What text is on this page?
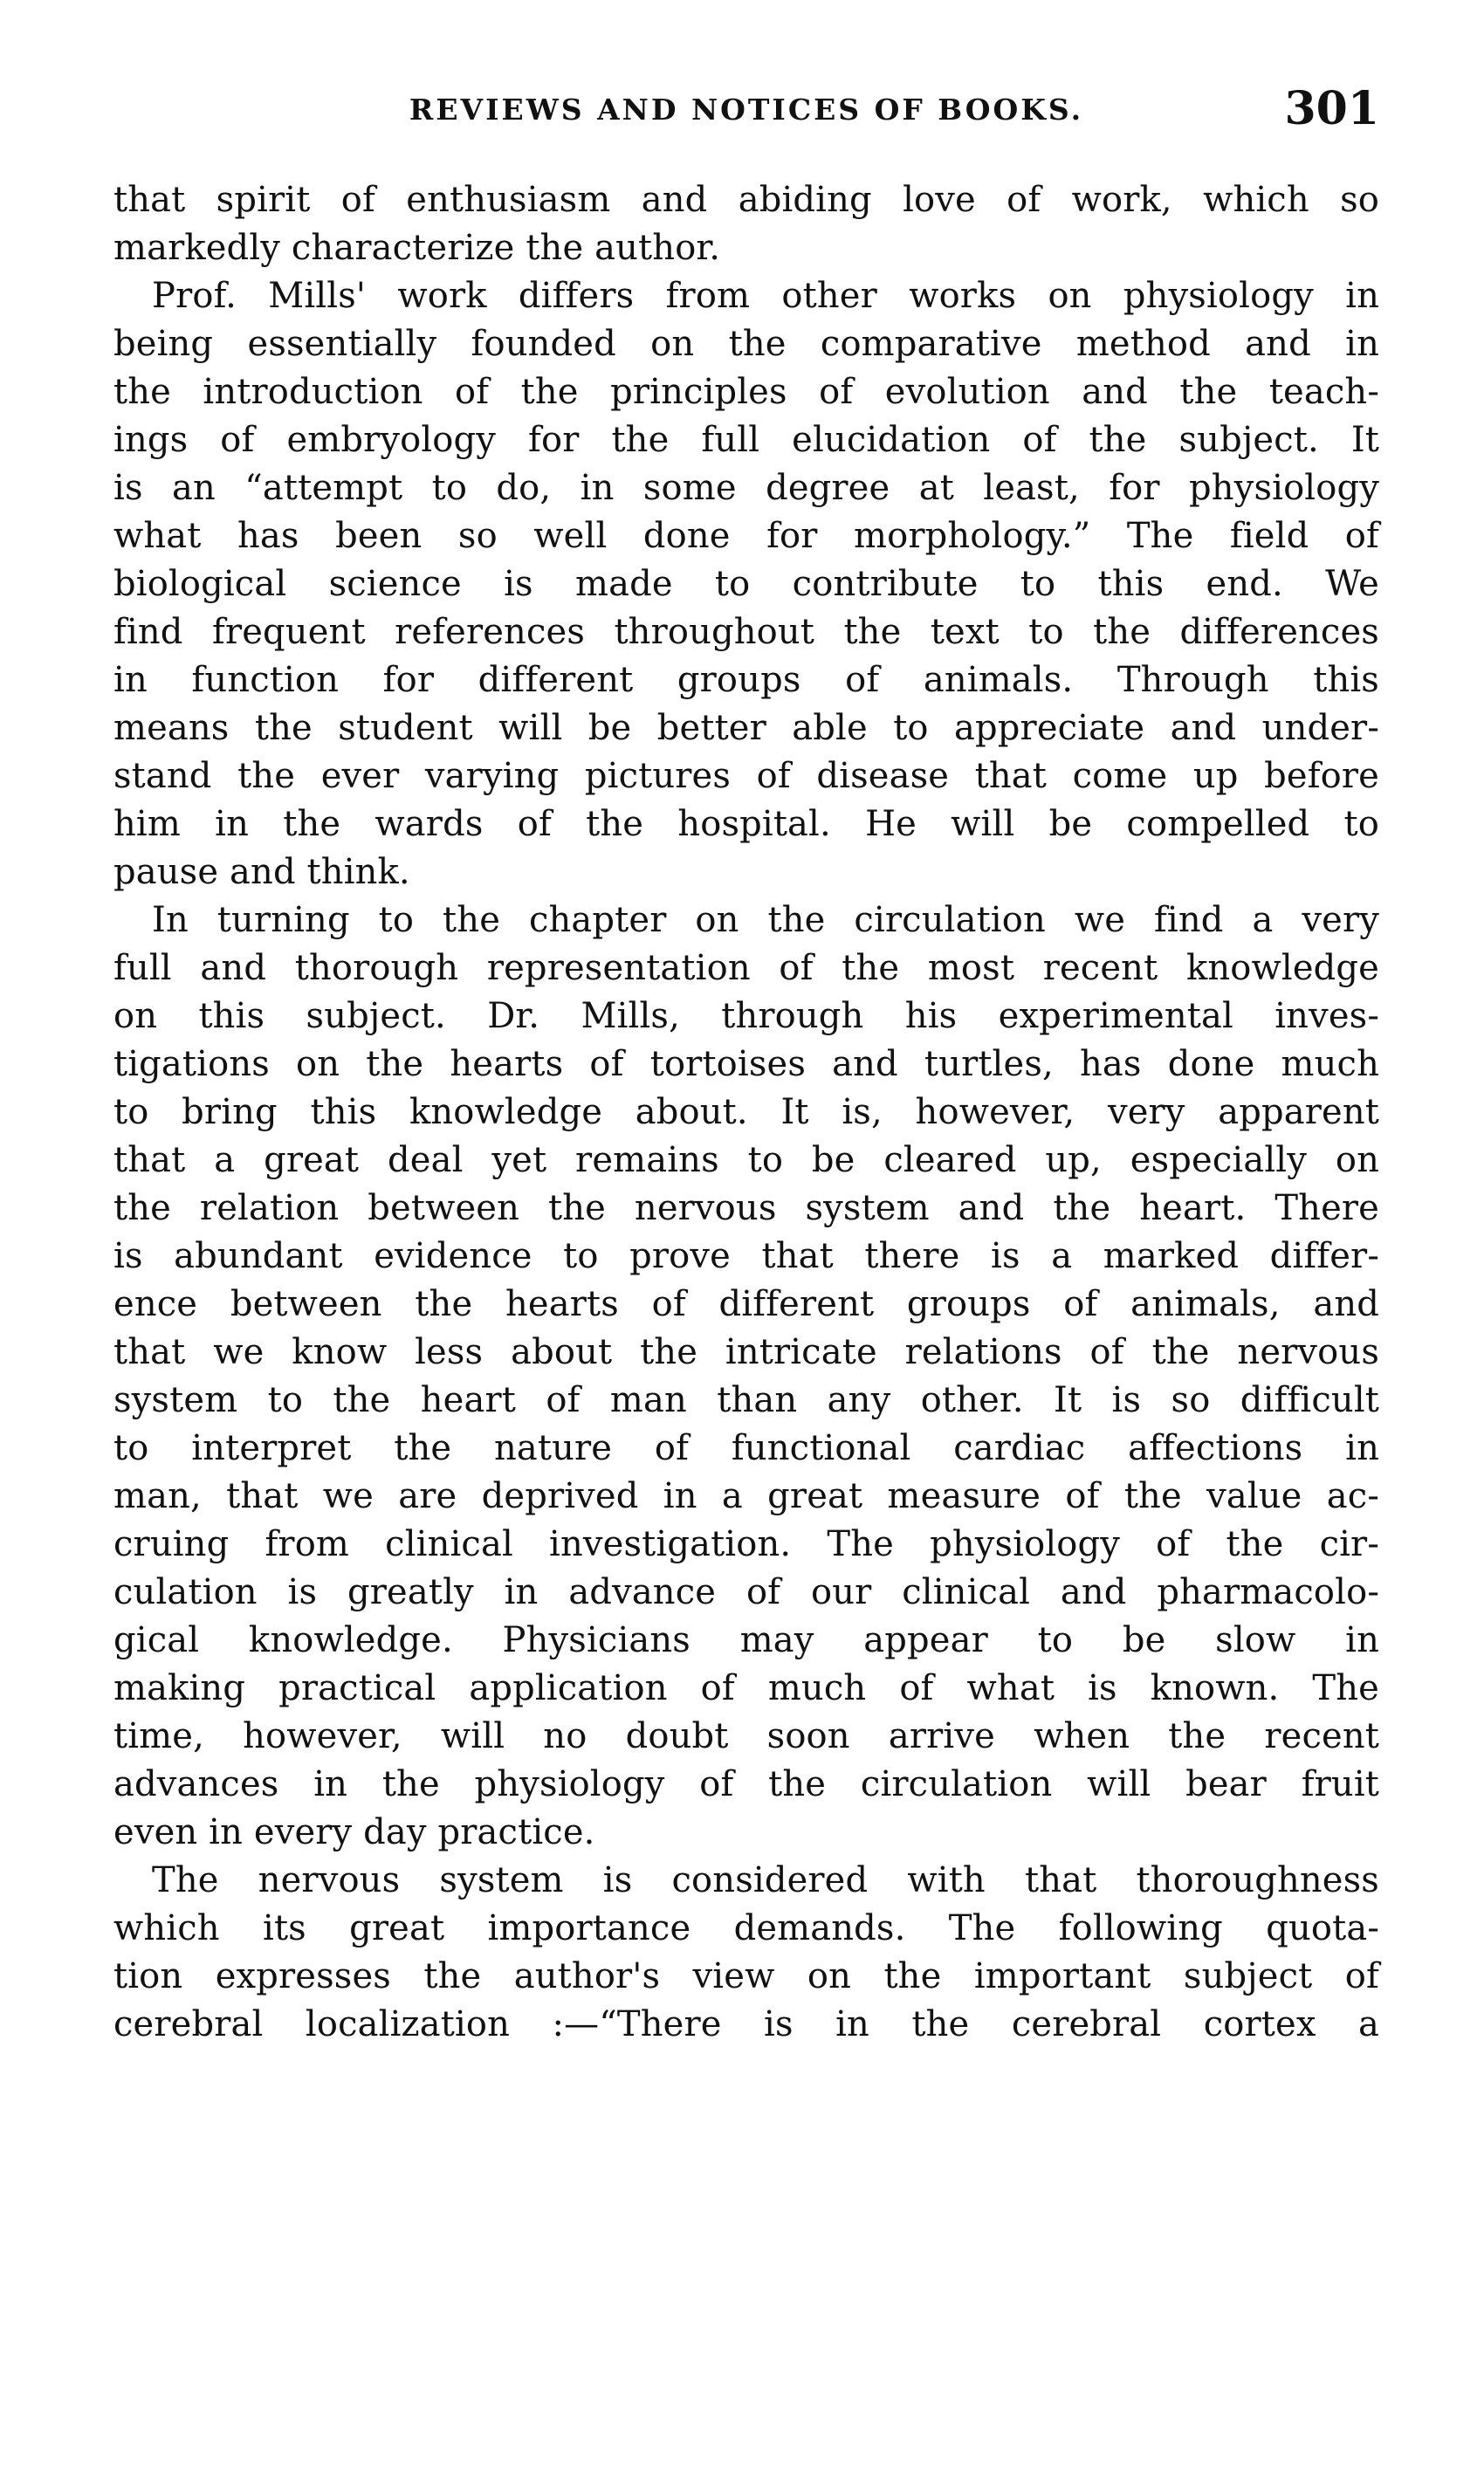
REVIEWS AND NOTICES OF BOOKS.	301
that spirit of enthusiasm and abiding love of work, which so
markedly characterize the author.
Prof. Mills' work differs from other works on physiology in
being essentially founded on the comparative method and in
the introduction of the principles of evolution and the teach-
ings of embryology for the full elucidation of the subject. It
is an “attempt to do, in some degree at least, for physiology
what has been so well done for morphology.” The field of
biological science is made to contribute to this end. We
find frequent references throughout the text to the differences
in function for different groups of animals. Through this
means the student will be better able to appreciate and under-
stand the ever varying pictures of disease that come up before
him in the wards of the hospital. He will be compelled to
pause and think.
In turning to the chapter on the circulation we find a very
full and thorough representation of the most recent knowledge
on this subject. Dr. Mills, through his experimental inves-
tigations on the hearts of tortoises and turtles, has done much
to bring this knowledge about. It is, however, very apparent
that a great deal yet remains to be cleared up, especially on
the relation between the nervous system and the heart. There
is abundant evidence to prove that there is a marked differ-
ence between the hearts of different groups of animals, and
that we know less about the intricate relations of the nervous
system to the heart of man than any other. It is so difficult
to interpret the nature of functional cardiac affections in
man, that we are deprived in a great measure of the value ac-
cruing from clinical investigation. The physiology of the cir-
culation is greatly in advance of our clinical and pharmacolo-
gical knowledge. Physicians may appear to be slow in
making practical application of much of what is known. The
time, however, will no doubt soon arrive when the recent
advances in the physiology of the circulation will bear fruit
even in every day practice.
The nervous system is considered with that thoroughness
which its great importance demands. The following quota-
tion expresses the author's view on the important subject of
cerebral localization :—“There is in the cerebral cortex a
